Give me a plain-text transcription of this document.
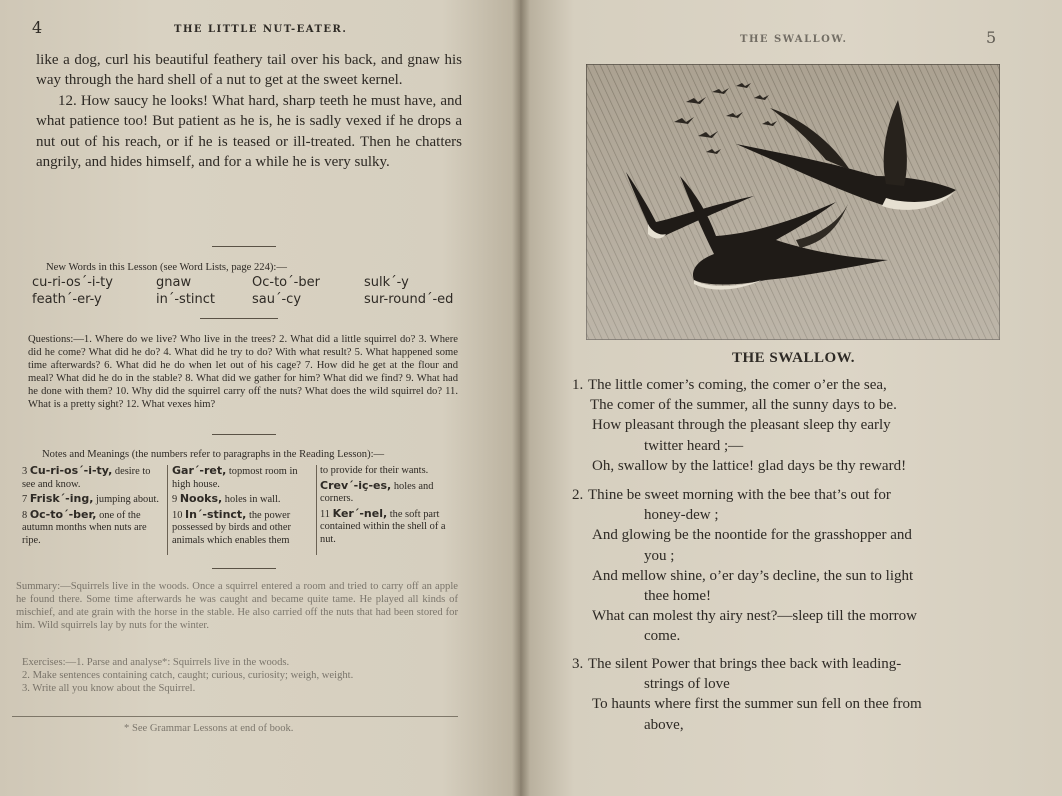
4	THE LITTLE NUT-EATER.

like a dog, curl his beautiful feathery tail over his back, and gnaw his way through the hard shell of a nut to get at the sweet kernel.

12. How saucy he looks! What hard, sharp teeth he must have, and what patience too! But patient as he is, he is sadly vexed if he drops a nut out of his reach, or if he is teased or ill-treated. Then he chatters angrily, and hides himself, and for a while he is very sulky.

New Words in this Lesson (see Word Lists, page 224):—
cu-ri-os´-i-ty	gnaw	Oc-to´-ber	sulk´-y
feath´-er-y	in´-stinct	sau´-cy	sur-round´-ed
Questions:—1. Where do we live? Who live in the trees? 2. What did a little squirrel do? 3. Where did he come? What did he do? 4. What did he try to do? With what result? 5. What happened some time afterwards? 6. What did he do when let out of his cage? 7. How did he get at the flour and meal? What did he do in the stable? 8. What did we gather for him? What did we find? 9. What had he done with them? 10. Why did the squirrel carry off the nuts? What does the wild squirrel do? 11. What is a pretty sight? 12. What vexes him?
Notes and Meanings (the numbers refer to paragraphs in the Reading Lesson):—
3 Cu-ri-os´-i-ty, desire to see and know.
7 Frisk´-ing, jumping about.
8 Oc-to´-ber, one of the autumn months when nuts are ripe.
Gar´-ret, topmost room in high house.
9 Nooks, holes in wall.
10 In´-stinct, the power possessed by birds and other animals which enables them
to provide for their wants.
Crev´-iç-es, holes and corners.
11 Ker´-nel, the soft part contained within the shell of a nut.
Summary:—Squirrels live in the woods. Once a squirrel entered a room and tried to carry off an apple he found there. Some time afterwards he was caught and became quite tame. He played all kinds of mischief, and ate grain with the horse in the stable. He also carried off the nuts that had been stored for him. Wild squirrels lay by nuts for the winter.
Exercises:—1. Parse and analyse*: Squirrels live in the woods.
2. Make sentences containing catch, caught; curious, curiosity; weigh, weight.
3. Write all you know about the Squirrel.
* See Grammar Lessons at end of book.
THE SWALLOW.	5
THE SWALLOW.
1. The little comer’s coming, the comer o’er the sea,
The comer of the summer, all the sunny days to be.
How pleasant through the pleasant sleep thy early
twitter heard ;—
Oh, swallow by the lattice! glad days be thy reward!
2. Thine be sweet morning with the bee that’s out for
honey-dew ;
And glowing be the noontide for the grasshopper and
you ;
And mellow shine, o’er day’s decline, the sun to light
thee home!
What can molest thy airy nest?—sleep till the morrow
come.
3. The silent Power that brings thee back with leading-
strings of love
To haunts where first the summer sun fell on thee from
above,
